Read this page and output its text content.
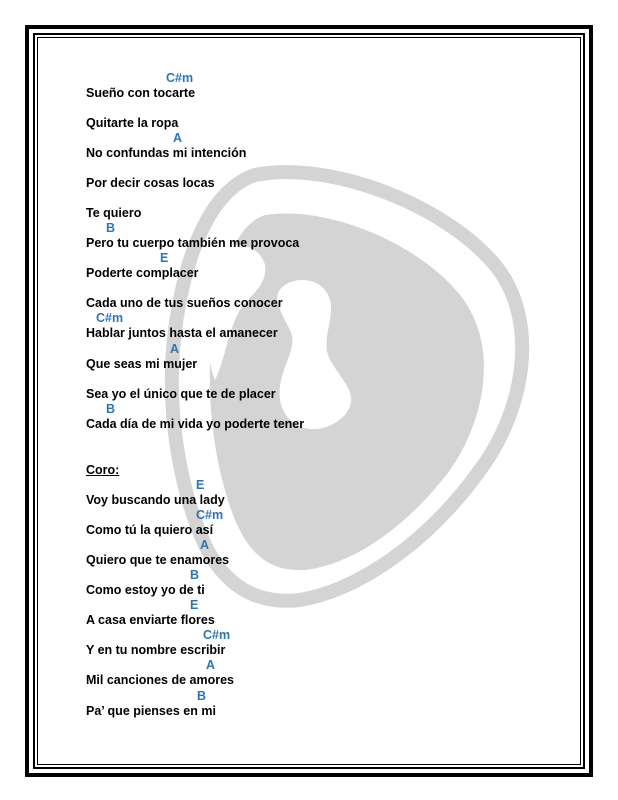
C#m
A
B
E
C#m
A
B
E
C#m
A
B
E
C#m
A
B
Sueño con tocarte
Quitarte la ropa
No confundas mi intención
Por decir cosas locas
Te quiero
Pero tu cuerpo también me provoca
Poderte complacer
Cada uno de tus sueños conocer
Hablar juntos hasta el amanecer
Que seas mi mujer
Sea yo el único que te de placer
Cada día de mi vida yo poderte tener
Coro:
Voy buscando una lady
Como tú la quiero así
Quiero que te enamores
Como estoy yo de ti
A casa enviarte flores
Y en tu nombre escribir
Mil canciones de amores
Pa’ que pienses en mi
